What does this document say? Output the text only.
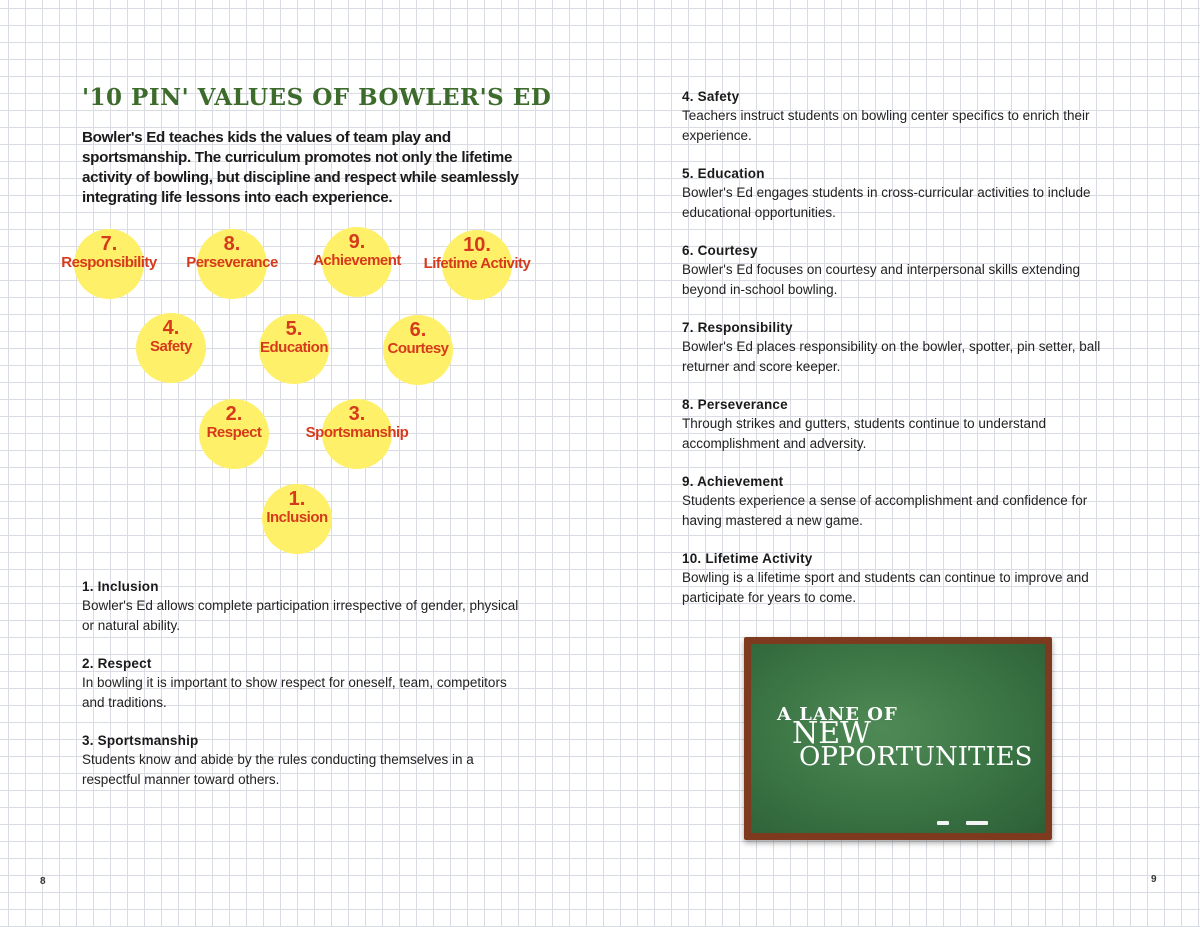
'10 PIN' VALUES OF BOWLER'S ED

Bowler's Ed teaches kids the values of team play and sportsmanship. The curriculum promotes not only the lifetime activity of bowling, but discipline and respect while seamlessly integrating life lessons into each experience.

7.
Responsibility
8.
Perseverance
9.
Achievement
10.
Lifetime Activity
4.
Safety
5.
Education
6.
Courtesy
2.
Respect
3.
Sportsmanship
1.
Inclusion
1. Inclusion
Bowler's Ed allows complete participation irrespective of gender, physical or natural ability.
2. Respect
In bowling it is important to show respect for oneself, team, competitors and traditions.
3. Sportsmanship
Students know and abide by the rules conducting themselves in a respectful manner toward others.
4. Safety
Teachers instruct students on bowling center specifics to enrich their experience.
5. Education
Bowler's Ed engages students in cross-curricular activities to include educational opportunities.
6. Courtesy
Bowler's Ed focuses on courtesy and interpersonal skills extending beyond in-school bowling.
7. Responsibility
Bowler's Ed places responsibility on the bowler, spotter, pin setter, ball returner and score keeper.
8. Perseverance
Through strikes and gutters, students continue to understand accomplishment and adversity.
9. Achievement
Students experience a sense of accomplishment and confidence for having mastered a new game.
10. Lifetime Activity
Bowling is a lifetime sport and students can continue to improve and participate for years to come.
A LANE OF
NEW
OPPORTUNITIES
8	9
